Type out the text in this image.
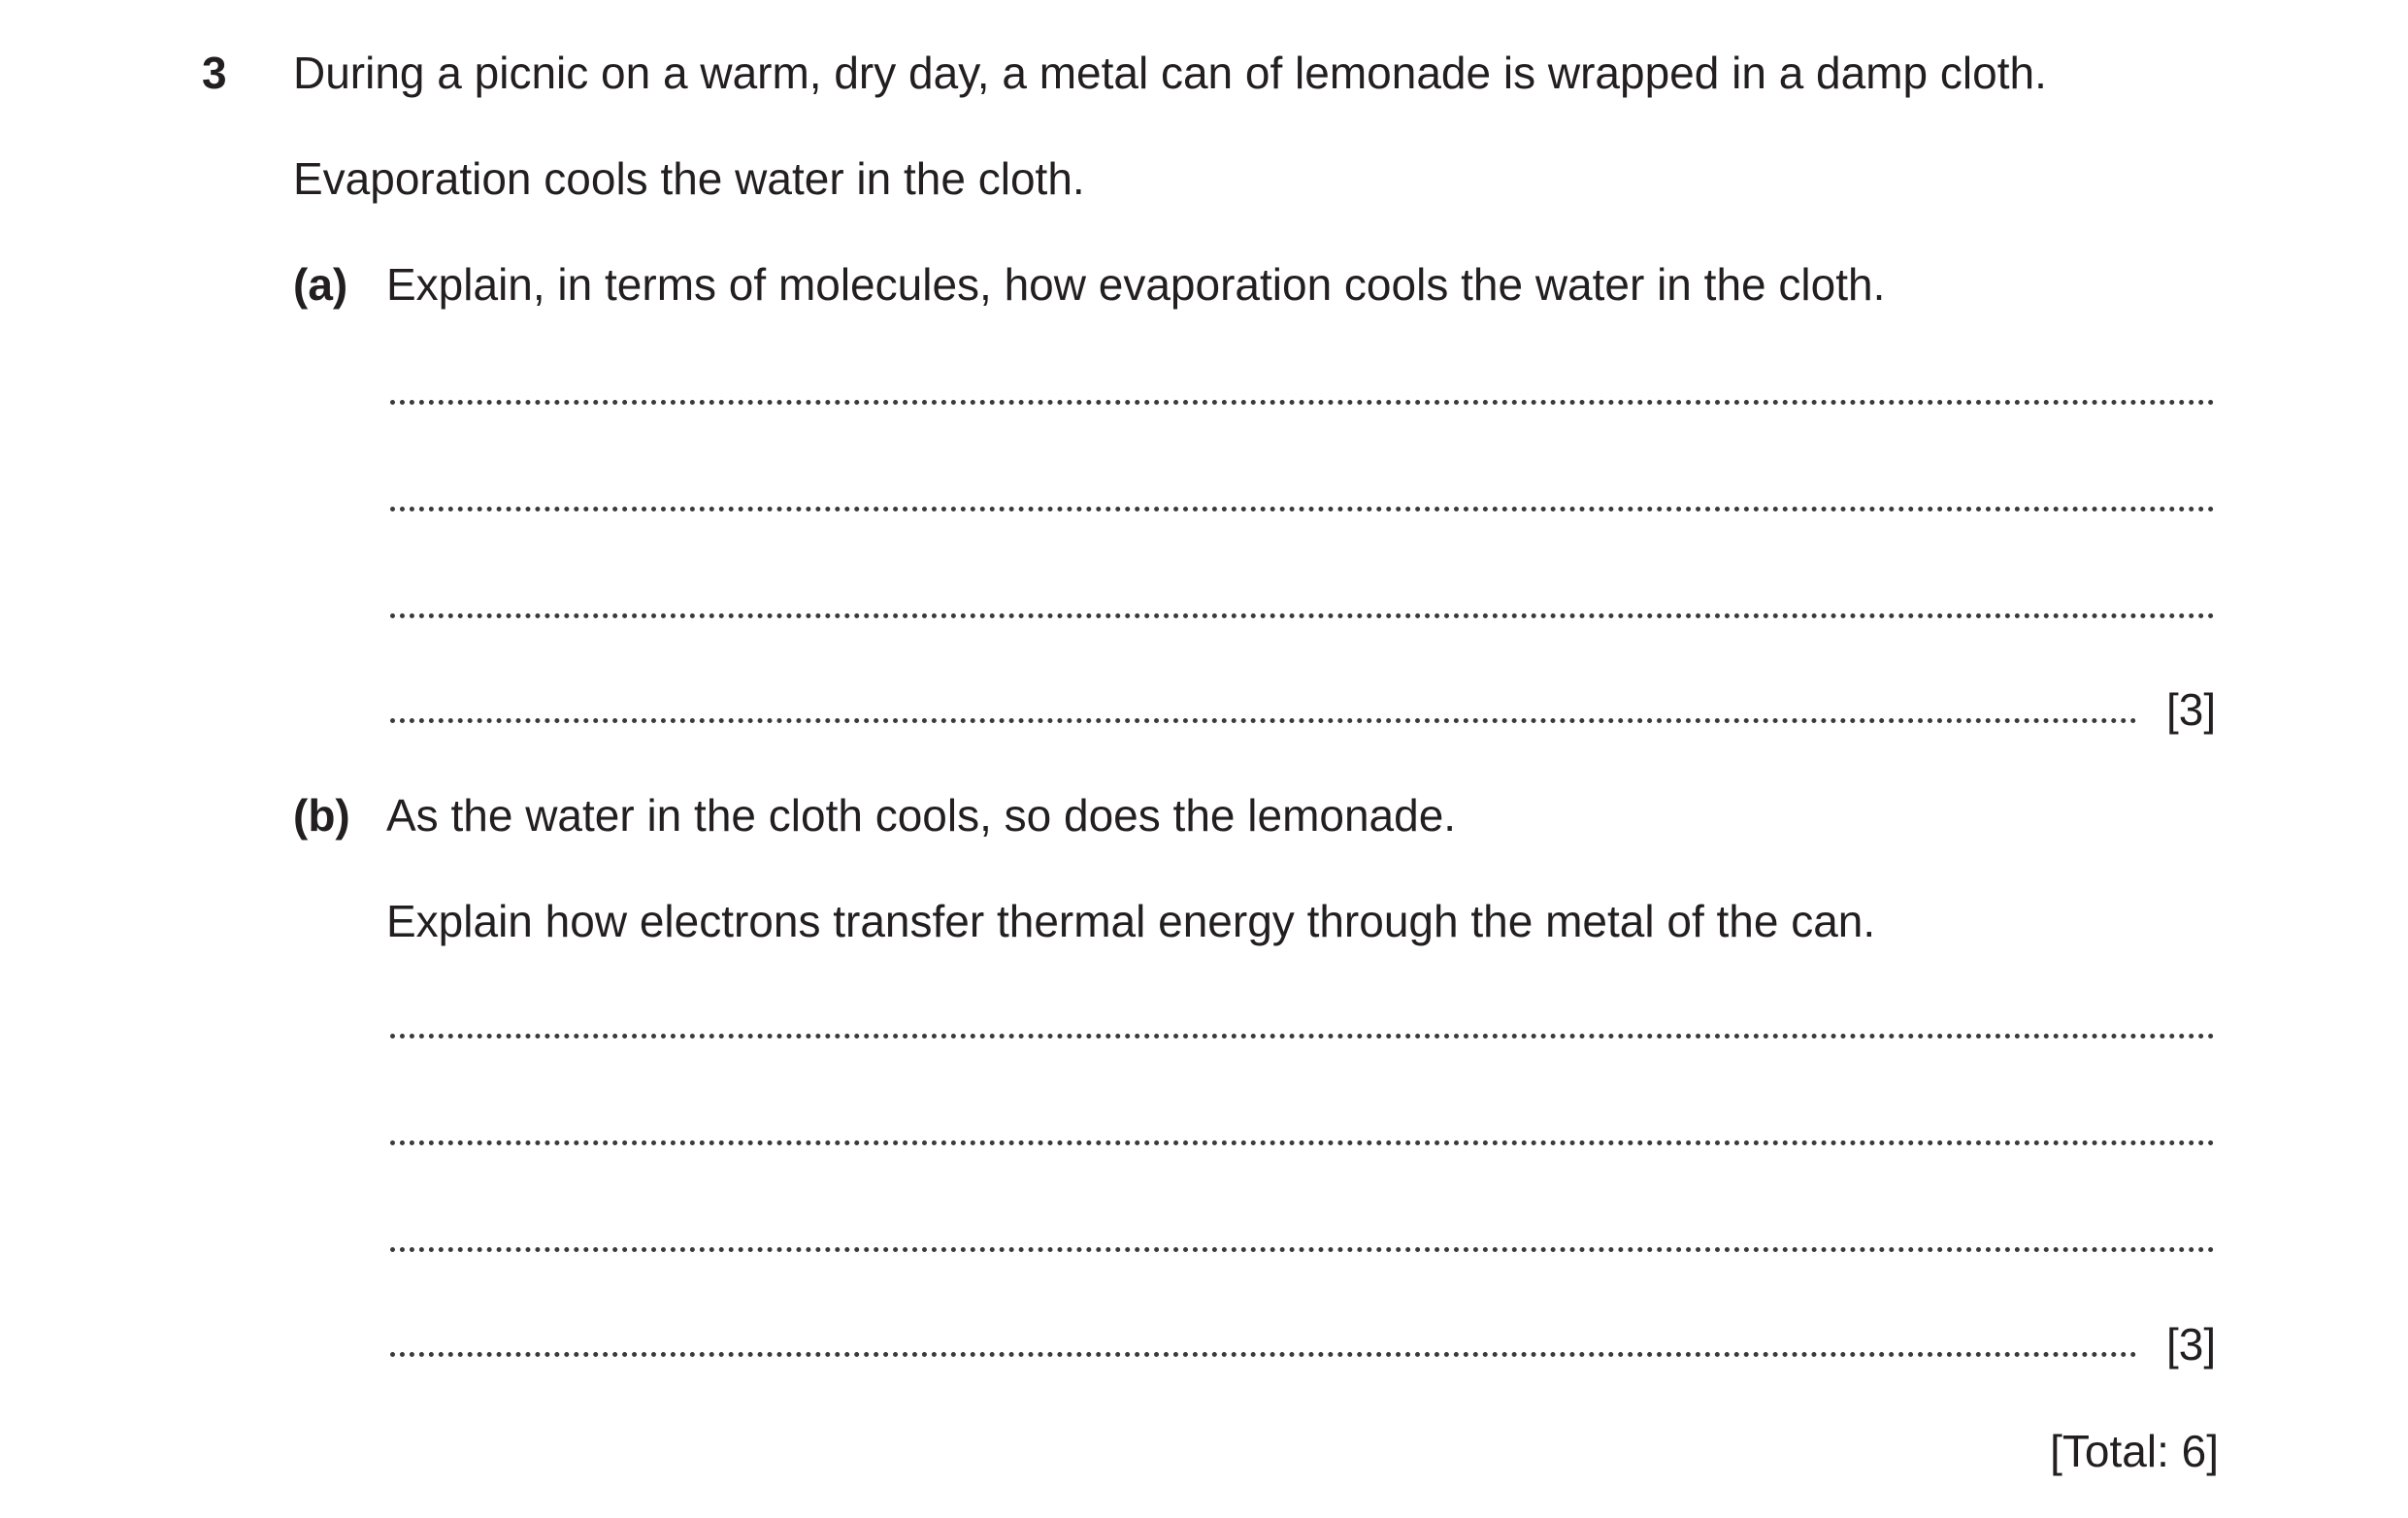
3 During a picnic on a warm, dry day, a metal can of lemonade is wrapped in a damp cloth.
Evaporation cools the water in the cloth.
(a) Explain, in terms of molecules, how evaporation cools the water in the cloth.
[3]
(b) As the water in the cloth cools, so does the lemonade.
Explain how electrons transfer thermal energy through the metal of the can.
[3]
[Total: 6]
